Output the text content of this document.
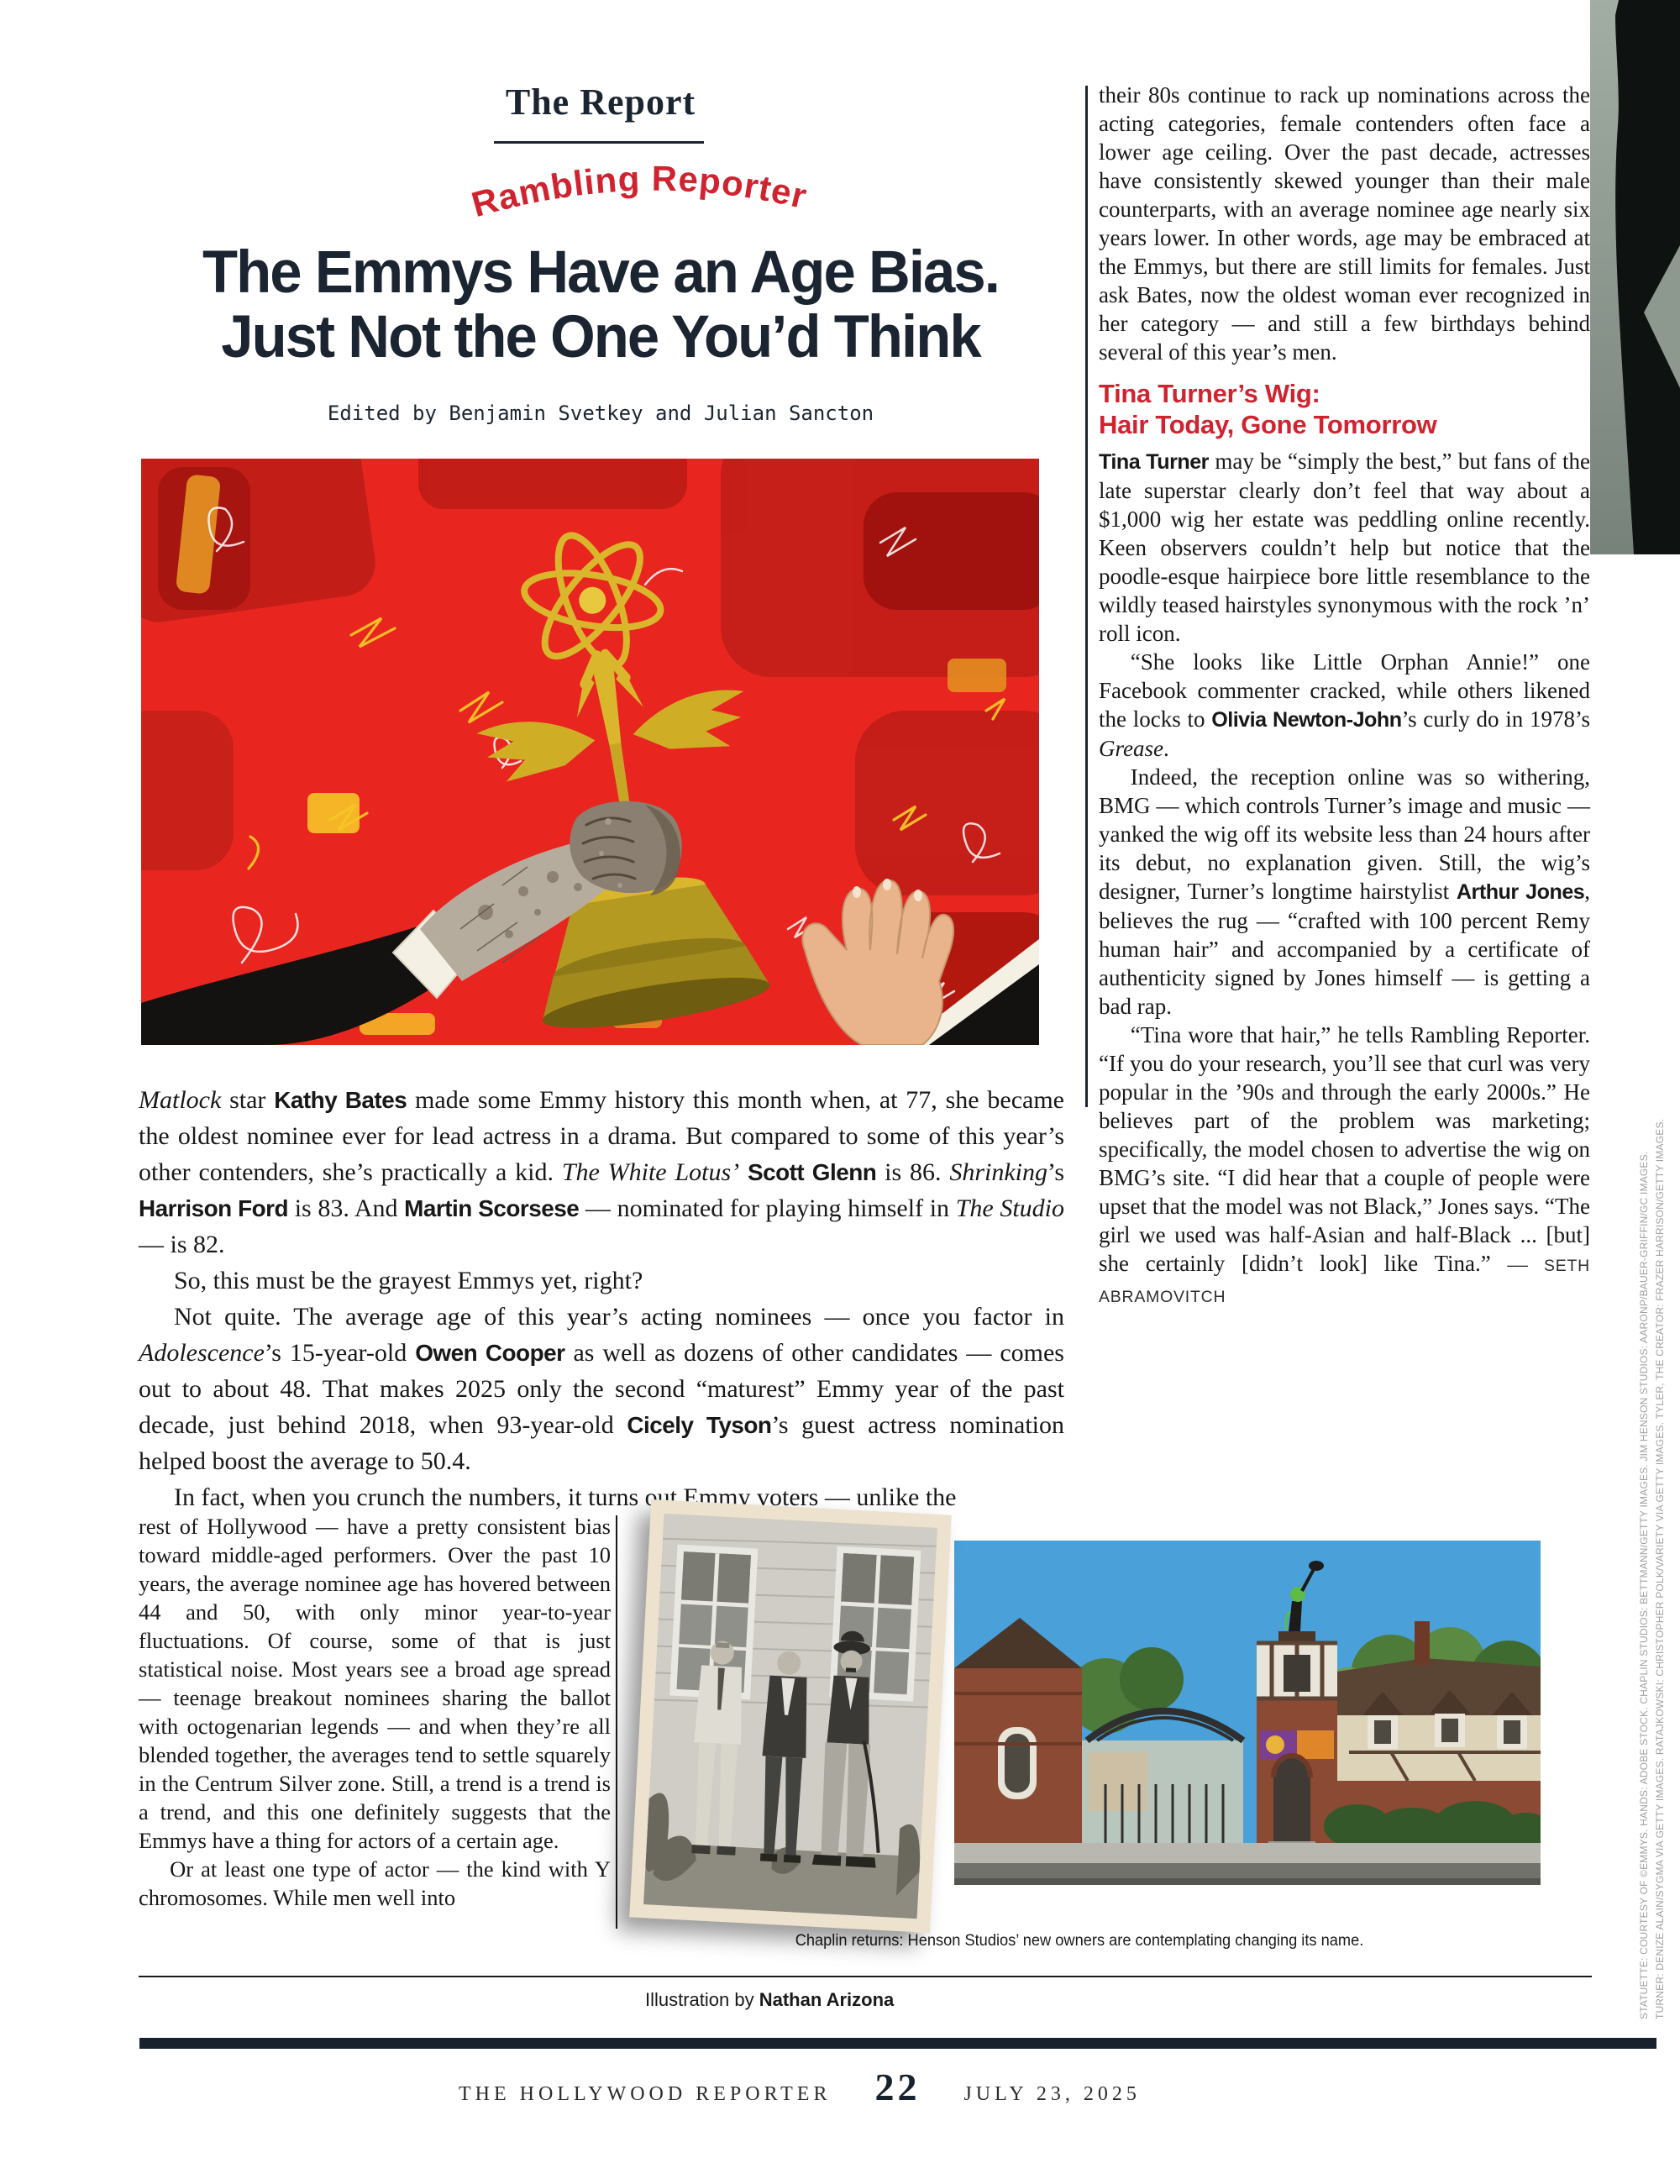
The Report
Rambling Reporter
The Emmys Have an Age Bias.
Just Not the One You’d Think
Edited by Benjamin Svetkey and Julian Sancton

Matlock star Kathy Bates made some Emmy history this month when, at 77, she became the oldest nominee ever for lead actress in a drama. But compared to some of this year’s other contenders, she’s practically a kid. The White Lotus’ Scott Glenn is 86. Shrinking’s Harrison Ford is 83. And Martin Scorsese — nominated for playing himself in The Studio — is 82.

So, this must be the grayest Emmys yet, right?

Not quite. The average age of this year’s acting nominees — once you factor in Adolescence’s 15-year-old Owen Cooper as well as dozens of other candidates — comes out to about 48. That makes 2025 only the second “maturest” Emmy year of the past decade, just behind 2018, when 93-year-old Cicely Tyson’s guest actress nomination helped boost the average to 50.4.

In fact, when you crunch the numbers, it turns out Emmy voters — unlike the

rest of Hollywood — have a pretty consistent bias toward middle-aged performers. Over the past 10 years, the average nominee age has hovered between 44 and 50, with only minor year-to-year fluctuations. Of course, some of that is just statistical noise. Most years see a broad age spread — teenage breakout nominees sharing the ballot with octogenarian legends — and when they’re all blended together, the averages tend to settle squarely in the Centrum Silver zone. Still, a trend is a trend is a trend, and this one definitely suggests that the Emmys have a thing for actors of a certain age.

Or at least one type of actor — the kind with Y chromosomes. While men well into

their 80s continue to rack up nominations across the acting categories, female contenders often face a lower age ceiling. Over the past decade, actresses have consistently skewed younger than their male counterparts, with an average nominee age nearly six years lower. In other words, age may be embraced at the Emmys, but there are still limits for females. Just ask Bates, now the oldest woman ever recognized in her category — and still a few birthdays behind several of this year’s men.

Tina Turner’s Wig:
Hair Today, Gone Tomorrow

Tina Turner may be “simply the best,” but fans of the late superstar clearly don’t feel that way about a $1,000 wig her estate was peddling online recently. Keen observers couldn’t help but notice that the poodle-esque hairpiece bore little resemblance to the wildly teased hairstyles synonymous with the rock ’n’ roll icon.

“She looks like Little Orphan Annie!” one Facebook commenter cracked, while others likened the locks to Olivia Newton-John’s curly do in 1978’s Grease.

Indeed, the reception online was so withering, BMG — which controls Turner’s image and music — yanked the wig off its website less than 24 hours after its debut, no explanation given. Still, the wig’s designer, Turner’s longtime hairstylist Arthur Jones, believes the rug — “crafted with 100 percent Remy human hair” and accompanied by a certificate of authenticity signed by Jones himself — is getting a bad rap.

“Tina wore that hair,” he tells Rambling Reporter. “If you do your research, you’ll see that curl was very popular in the ’90s and through the early 2000s.” He believes part of the problem was marketing; specifically, the model chosen to advertise the wig on BMG’s site. “I did hear that a couple of people were upset that the model was not Black,” Jones says. “The girl we used was half-Asian and half-Black ... [but] she certainly [didn’t look] like Tina.” — SETH ABRAMOVITCH

Chaplin returns: Henson Studios’ new owners are contemplating changing its name.
Illustration by Nathan Arizona
THE HOLLYWOOD REPORTER 22 JULY 23, 2025
STATUETTE: COURTESY OF ©EMMYS. HANDS: ADOBE STOCK. CHAPLIN STUDIOS: BETTMANN/GETTY IMAGES. JIM HENSON STUDIOS: AARONP/BAUER-GRIFFIN/GC IMAGES. TURNER: DENIZE ALAIN/SYGMA VIA GETTY IMAGES. RATAJKOWSKI: CHRISTOPHER POLK/VARIETY VIA GETTY IMAGES. TYLER, THE CREATOR: FRAZER HARRISON/GETTY IMAGES.
